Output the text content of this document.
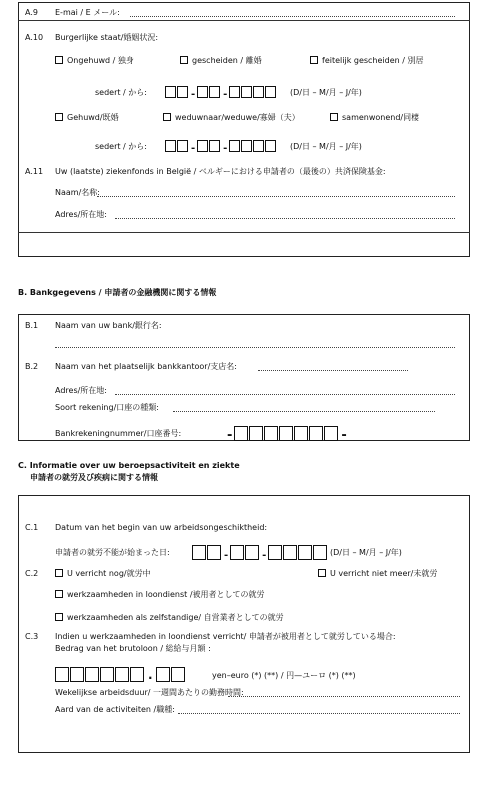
A.9 E-mai / E メール:
A.10 Burgerlijke staat/婚姻状況:
Ongehuwd / 独身	gescheiden / 離婚	feitelijk gescheiden / 別居
sedert / から:	-	-	(D/日 – M/月 – J/年)
Gehuwd/既婚	weduwnaar/weduwe/寡婦（夫）	samenwonend/同棲
sedert / から:	-	-	(D/日 – M/月 – J/年)
A.11 Uw (laatste) ziekenfonds in België / ベルギーにおける申請者の（最後の）共済保険基金:
Naam/名称:
Adres/所在地:
B. Bankgegevens / 申請者の金融機関に関する情報
B.1 Naam van uw bank/銀行名:
B.2 Naam van het plaatselijk bankkantoor/支店名:
Adres/所在地:
Soort rekening/口座の種類:
Bankrekeningnummer/口座番号:	-	-
C. Informatie over uw beroepsactiviteit en ziekte
申請者の就労及び疾病に関する情報
C.1 Datum van het begin van uw arbeidsongeschiktheid:
申請者の就労不能が始まった日:	-	-	(D/日 – M/月 – J/年)
C.2	U verricht nog/就労中	U verricht niet meer/未就労
werkzaamheden in loondienst /被用者としての就労
werkzaamheden als zelfstandige/ 自営業者としての就労
C.3 Indien u werkzaamheden in loondienst verricht/ 申請者が被用者として就労している場合:
Bedrag van het brutoloon / 総給与月額 :
.	yen–euro (*) (**) / 円—ユーロ (*) (**)
Wekelijkse arbeidsduur/ 一週間あたりの勤務時間:
Aard van de activiteiten /職種:
